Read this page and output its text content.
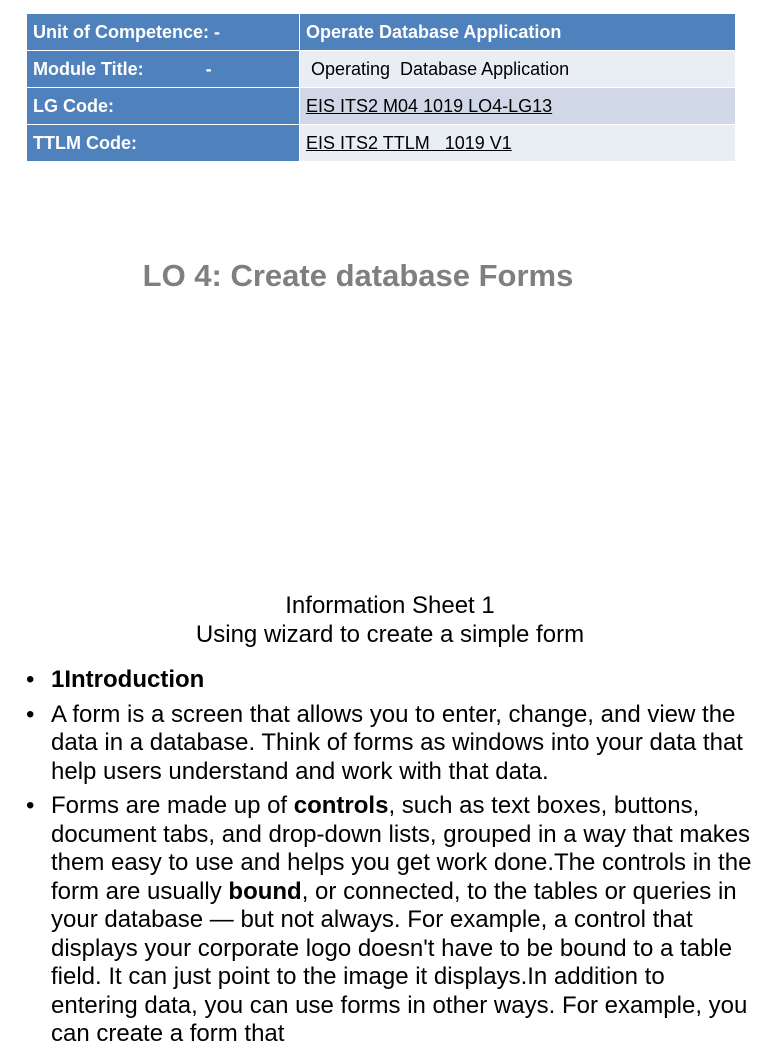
Unit of Competence: -	Operate Database Application
Module Title: -	Operating  Database Application
LG Code:	EIS ITS2 M04 1019 LO4-LG13
TTLM Code:	EIS ITS2 TTLM   1019 V1
LO 4: Create database Forms
Information Sheet 1
Using wizard to create a simple form
• 1Introduction
• A form is a screen that allows you to enter, change, and view the data in a database. Think of forms as windows into your data that help users understand and work with that data.
• Forms are made up of controls, such as text boxes, buttons, document tabs, and drop-down lists, grouped in a way that makes them easy to use and helps you get work done.The controls in the form are usually bound, or connected, to the tables or queries in your database — but not always. For example, a control that displays your corporate logo doesn't have to be bound to a table field. It can just point to the image it displays.In addition to entering data, you can use forms in other ways. For example, you can create a form that
